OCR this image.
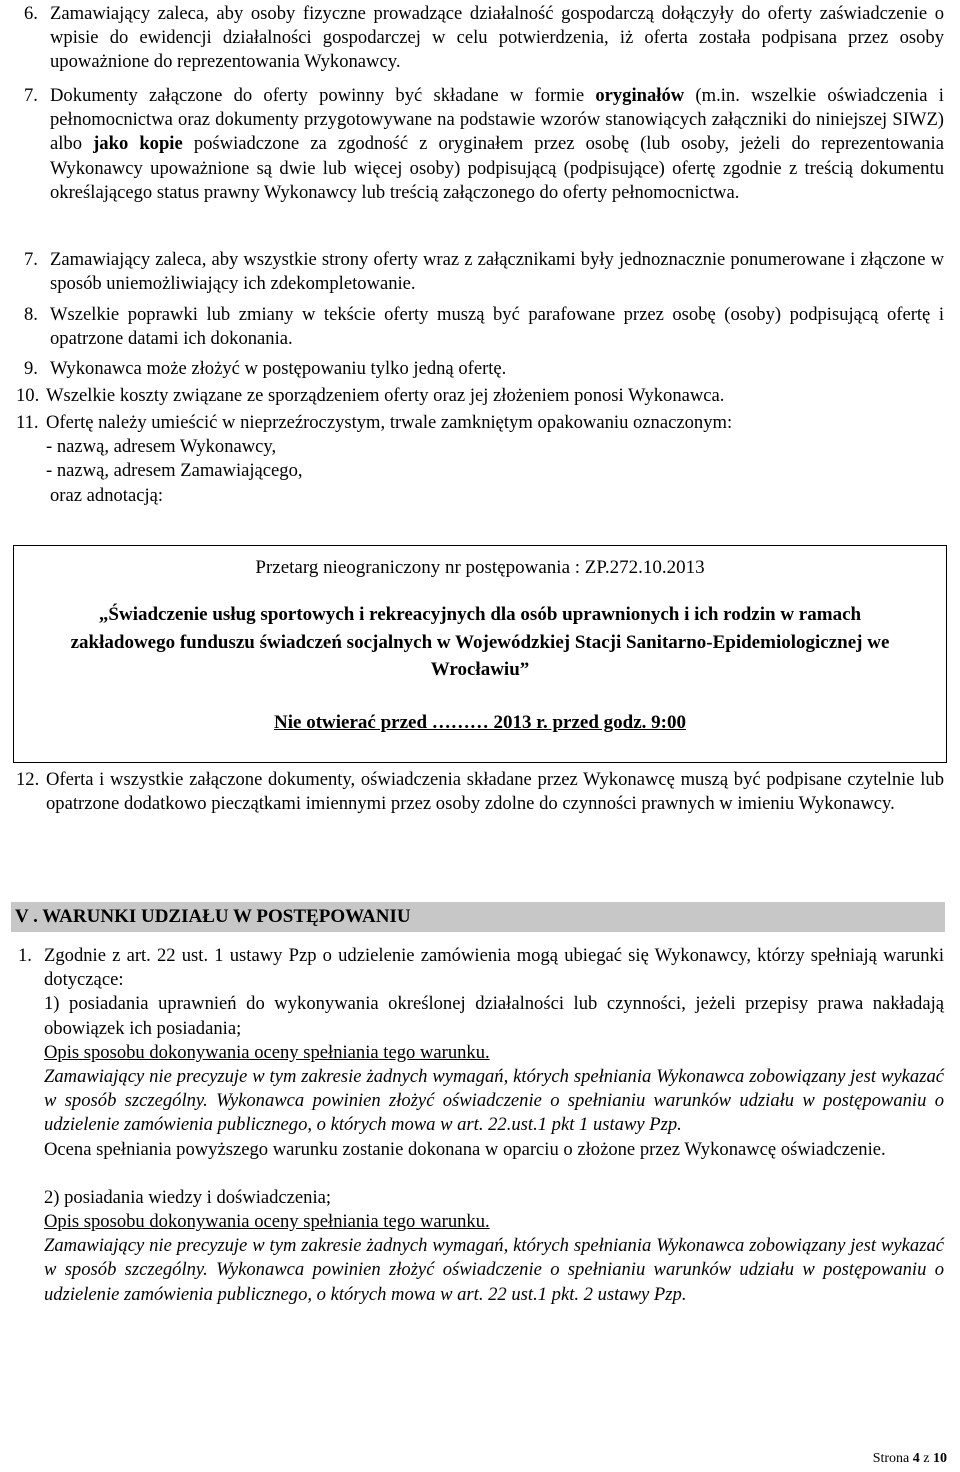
6. Zamawiający zaleca, aby osoby fizyczne prowadzące działalność gospodarczą dołączyły do oferty zaświadczenie o wpisie do ewidencji działalności gospodarczej w celu potwierdzenia, iż oferta została podpisana przez osoby upoważnione do reprezentowania Wykonawcy.
7. Dokumenty załączone do oferty powinny być składane w formie oryginałów (m.in. wszelkie oświadczenia i pełnomocnictwa oraz dokumenty przygotowywane na podstawie wzorów stanowiących załączniki do niniejszej SIWZ) albo jako kopie poświadczone za zgodność z oryginałem przez osobę (lub osoby, jeżeli do reprezentowania Wykonawcy upoważnione są dwie lub więcej osoby) podpisującą (podpisujące) ofertę zgodnie z treścią dokumentu określającego status prawny Wykonawcy lub treścią załączonego do oferty pełnomocnictwa.
7. Zamawiający zaleca, aby wszystkie strony oferty wraz z załącznikami były jednoznacznie ponumerowane i złączone w sposób uniemożliwiający ich zdekompletowanie.
8. Wszelkie poprawki lub zmiany w tekście oferty muszą być parafowane przez osobę (osoby) podpisującą ofertę i opatrzone datami ich dokonania.
9. Wykonawca może złożyć w postępowaniu tylko jedną ofertę.
10. Wszelkie koszty związane ze sporządzeniem oferty oraz jej złożeniem ponosi Wykonawca.
11. Ofertę należy umieścić w nieprzeźroczystym, trwale zamkniętym opakowaniu oznaczonym:
- nazwą, adresem Wykonawcy,
- nazwą, adresem Zamawiającego,
oraz adnotacją:
Przetarg nieograniczony nr postępowania : ZP.272.10.2013
„Świadczenie usług sportowych i rekreacyjnych dla osób uprawnionych i ich rodzin w ramach zakładowego funduszu świadczeń socjalnych w Wojewódzkiej Stacji Sanitarno-Epidemiologicznej we Wrocławiu”
Nie otwierać przed ……… 2013 r. przed godz. 9:00
12. Oferta i wszystkie załączone dokumenty, oświadczenia składane przez Wykonawcę muszą być podpisane czytelnie lub opatrzone dodatkowo pieczątkami imiennymi przez osoby zdolne do czynności prawnych w imieniu Wykonawcy.
V . WARUNKI UDZIAŁU W POSTĘPOWANIU
1. Zgodnie z art. 22 ust. 1 ustawy Pzp o udzielenie zamówienia mogą ubiegać się Wykonawcy, którzy spełniają warunki dotyczące:
1) posiadania uprawnień do wykonywania określonej działalności lub czynności, jeżeli przepisy prawa nakładają obowiązek ich posiadania;
Opis sposobu dokonywania oceny spełniania tego warunku.
Zamawiający nie precyzuje w tym zakresie żadnych wymagań, których spełniania Wykonawca zobowiązany jest wykazać w sposób szczególny. Wykonawca powinien złożyć oświadczenie o spełnianiu warunków udziału w postępowaniu o udzielenie zamówienia publicznego, o których mowa w art. 22.ust.1 pkt 1 ustawy Pzp.
Ocena spełniania powyższego warunku zostanie dokonana w oparciu o złożone przez Wykonawcę oświadczenie.
2) posiadania wiedzy i doświadczenia;
Opis sposobu dokonywania oceny spełniania tego warunku.
Zamawiający nie precyzuje w tym zakresie żadnych wymagań, których spełniania Wykonawca zobowiązany jest wykazać w sposób szczególny. Wykonawca powinien złożyć oświadczenie o spełnianiu warunków udziału w postępowaniu o udzielenie zamówienia publicznego, o których mowa w art. 22 ust.1 pkt. 2 ustawy Pzp.
Strona 4 z 10
